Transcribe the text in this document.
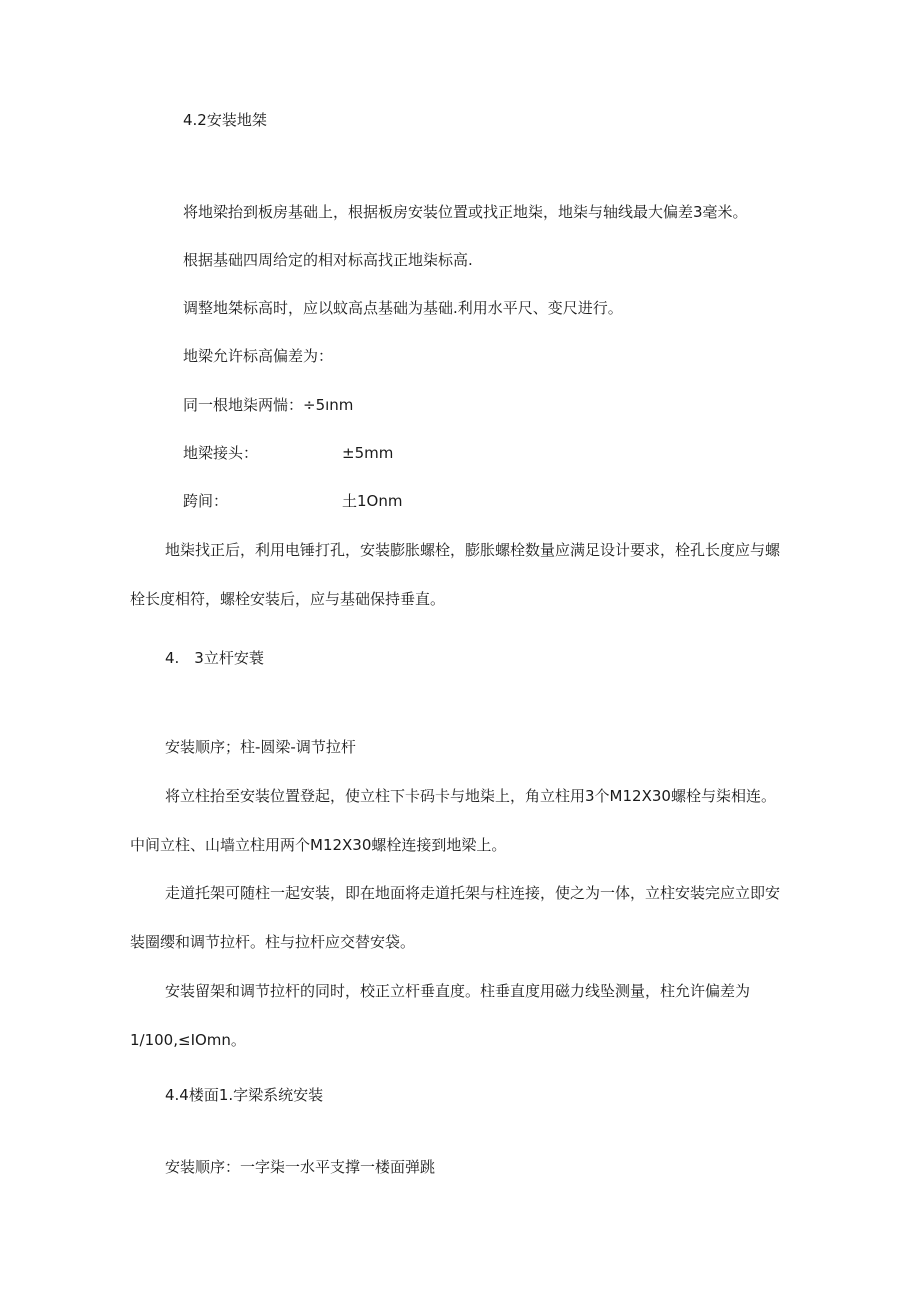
4.2安装地桀
将地梁抬到板房基础上，根据板房安装位置或找正地柒，地柒与轴线最大偏差3毫米。
根据基础四周给定的相对标高找正地柒标高.
调整地桀标高时，应以蚊高点基础为基础.利用水平尺、变尺进行。
地梁允许标高偏差为：
同一根地柒两惴：÷5ınm
地梁接头：	±5mm
跨间：	土1Onm
地柒找正后，利用电锤打孔，安装膨胀螺栓，膨胀螺栓数量应满足设计要求，栓孔长度应与螺
栓长度相符，螺栓安装后，应与基础保持垂直。
4.　3立杆安蓑
安装顺序；柱-圆梁-调节拉杆
将立柱抬至安装位置登起，使立柱下卡码卡与地柒上，角立柱用3个M12X30螺栓与柒相连。
中间立柱、山墙立柱用两个M12X30螺栓连接到地梁上。
走道托架可随柱一起安装，即在地面将走道托架与柱连接，使之为一体，立柱安装完应立即安
装圈缨和调节拉杆。柱与拉杆应交替安袋。
安装留架和调节拉杆的同时，校正立杆垂直度。柱垂直度用磁力线坠测量，柱允许偏差为
1∕100,≤IOmn。
4.4楼面1.字梁系统安装
安装顺序：一字柒一水平支撑一楼面弹跳
